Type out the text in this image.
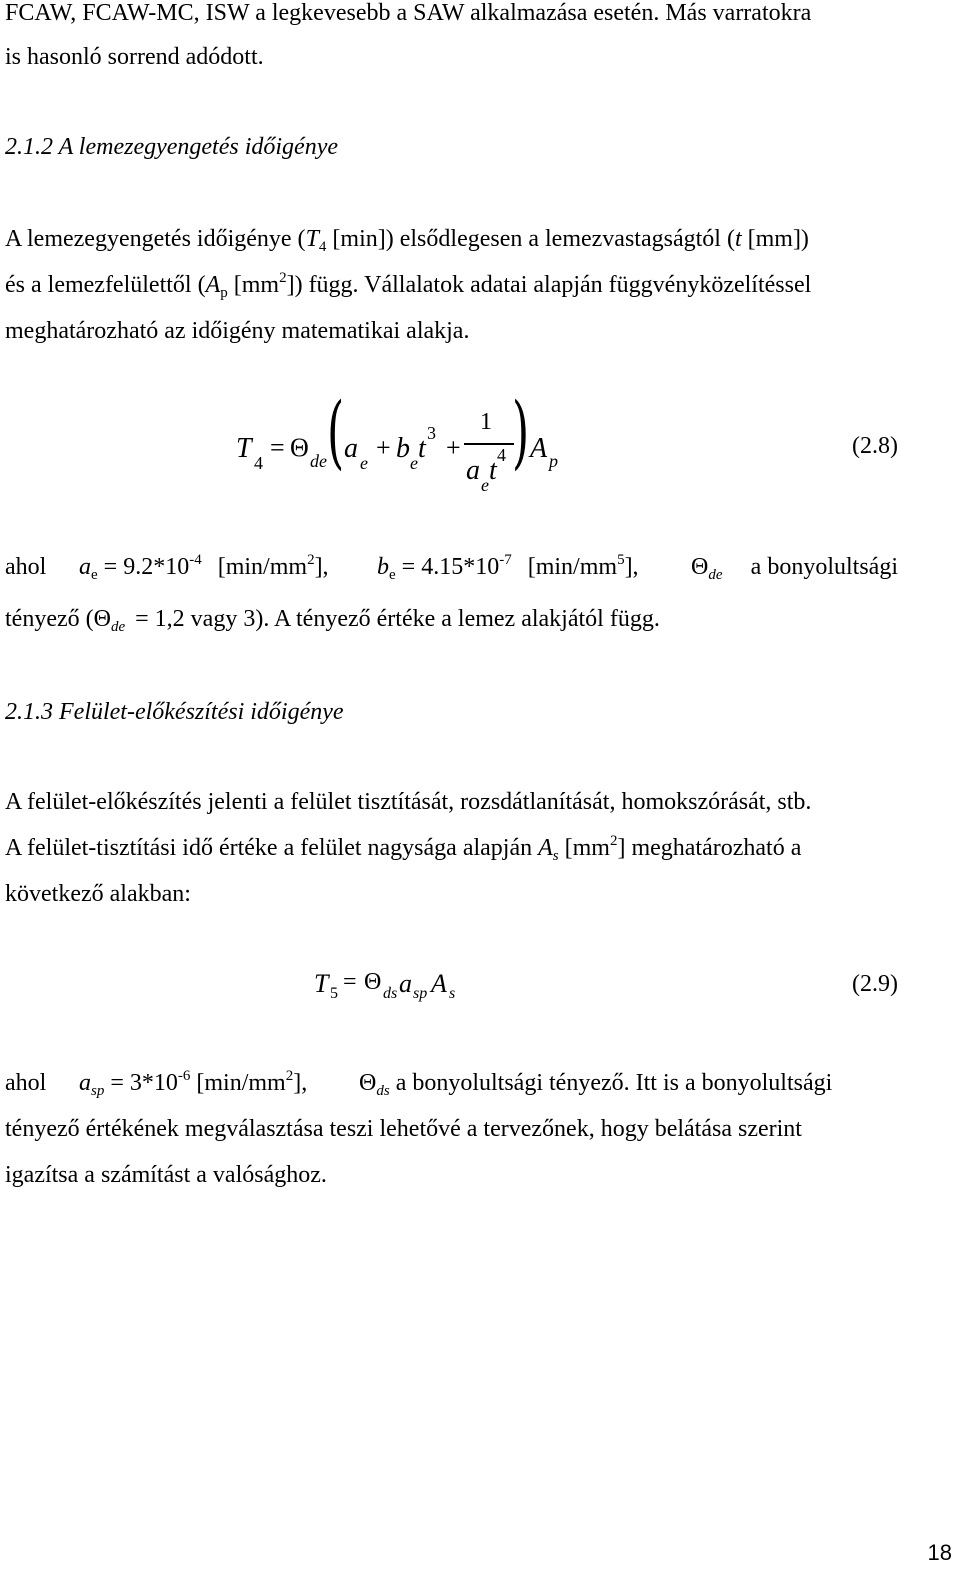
FCAW, FCAW-MC, ISW a legkevesebb a SAW alkalmazása esetén. Más varratokra
is hasonló sorrend adódott.
2.1.2 A lemezegyengetés időigénye
A lemezegyengetés időigénye ($T_4$ [min]) elsődlegesen a lemezvastagságtól (t [mm])
és a lemezfelülettől ($A_p$ $[mm^2]$) függ. Vállalatok adatai alapján függvényközelítéssel
meghatározható az időigény matematikai alakja.
T 4
= Θ de ( a e
+ b e t 3 +
1
a e t 4 ) A p
(2.8)
ahol $a_e = 9.2*10^{-4}$ $[\min/mm^2]$, $b_e = 4.15*10^{-7}$ $[\min/mm^5]$, $\Theta_{de}$ a bonyolultsági
tényező ($\Theta_{de} = 1,2$ vagy 3). A tényező értéke a lemez alakjától függ.
2.1.3 Felület-előkészítési időigénye
A felület-előkészítés jelenti a felület tisztítását, rozsdátlanítását, homokszórását, stb.
A felület-tisztítási idő értéke a felület nagysága alapján $A_s$ $[mm^2]$ meghatározható a
következő alakban:
T 5 = Θ ds a sp A s	(2.9)
ahol $a_{sp} = 3*10^{-6}$ $[\min/mm^2]$, $\Theta_{ds}$ a bonyolultsági tényező. Itt is a bonyolultsági
tényező értékének megválasztása teszi lehetővé a tervezőnek, hogy belátása szerint
igazítsa a számítást a valósághoz.
18
